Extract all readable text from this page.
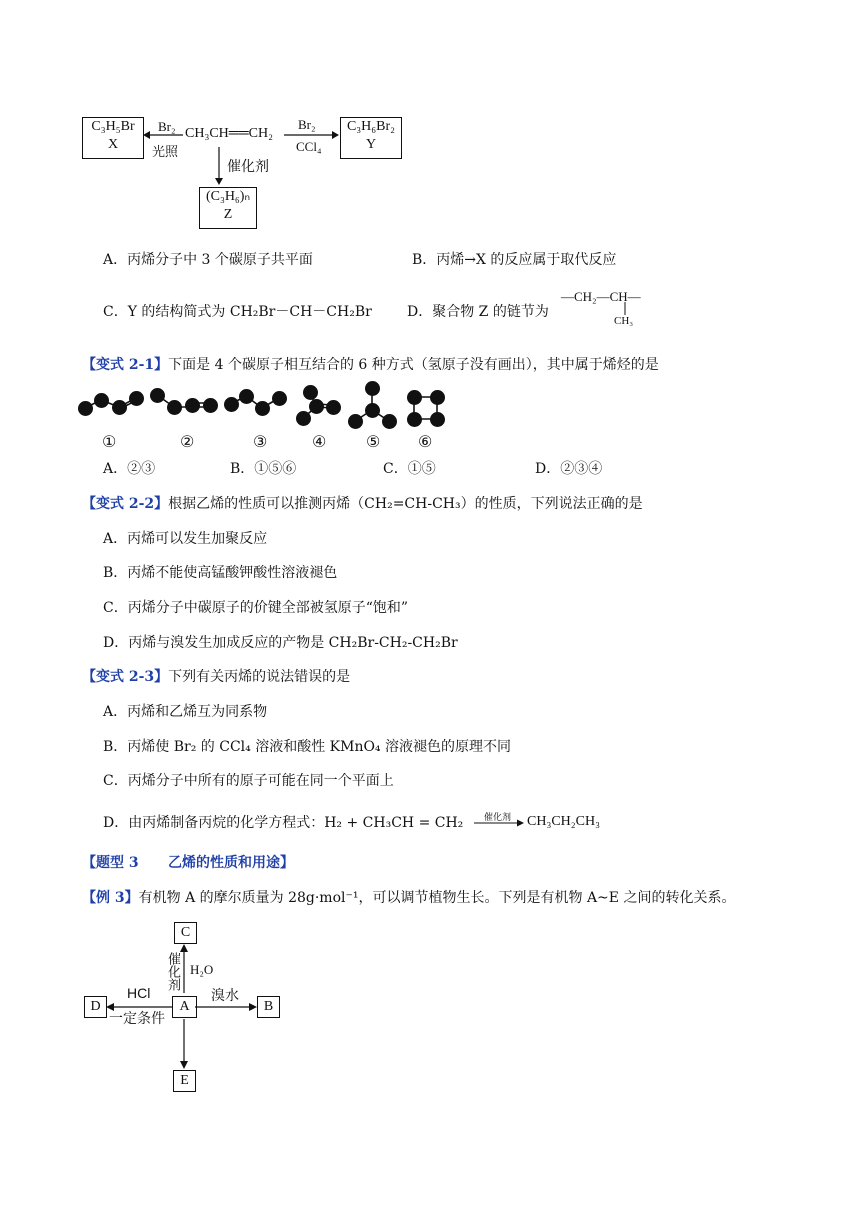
C₃H₅Br
X
Br₂
光照
CH₃CH══CH₂
Br₂
CCl₄
C₃H₆Br₂
Y
催化剂
(C₃H₆)ₙ
Z
A．丙烯分子中 3 个碳原子共平面	B．丙烯→X 的反应属于取代反应
C．Y 的结构简式为 CH₂Br－CH－CH₂Br	D．聚合物 Z 的链节为
—CH₂—CH—
CH₃
【变式 2-1】下面是 4 个碳原子相互结合的 6 种方式（氢原子没有画出），其中属于烯烃的是
①	②	③	④ ⑤ ⑥
A．②③	B．①⑤⑥	C．①⑤	D．②③④
【变式 2-2】根据乙烯的性质可以推测丙烯（CH₂=CH-CH₃）的性质，下列说法正确的是
A．丙烯可以发生加聚反应
B．丙烯不能使高锰酸钾酸性溶液褪色
C．丙烯分子中碳原子的价键全部被氢原子“饱和”
D．丙烯与溴发生加成反应的产物是 CH₂Br-CH₂-CH₂Br
【变式 2-3】下列有关丙烯的说法错误的是
A．丙烯和乙烯互为同系物
B．丙烯使 Br₂ 的 CCl₄ 溶液和酸性 KMnO₄ 溶液褪色的原理不同
C．丙烯分子中所有的原子可能在同一个平面上
D．由丙烯制备丙烷的化学方程式：H₂ + CH₃CH = CH₂ 催化剂 CH₃CH₂CH₃
【题型 3 乙烯的性质和用途】
【例 3】有机物 A 的摩尔质量为 28g·mol⁻¹，可以调节植物生长。下列是有机物 A~E 之间的转化关系。
C
A	B
D
E
催化剂 H₂O
溴水
HCl
一定条件
